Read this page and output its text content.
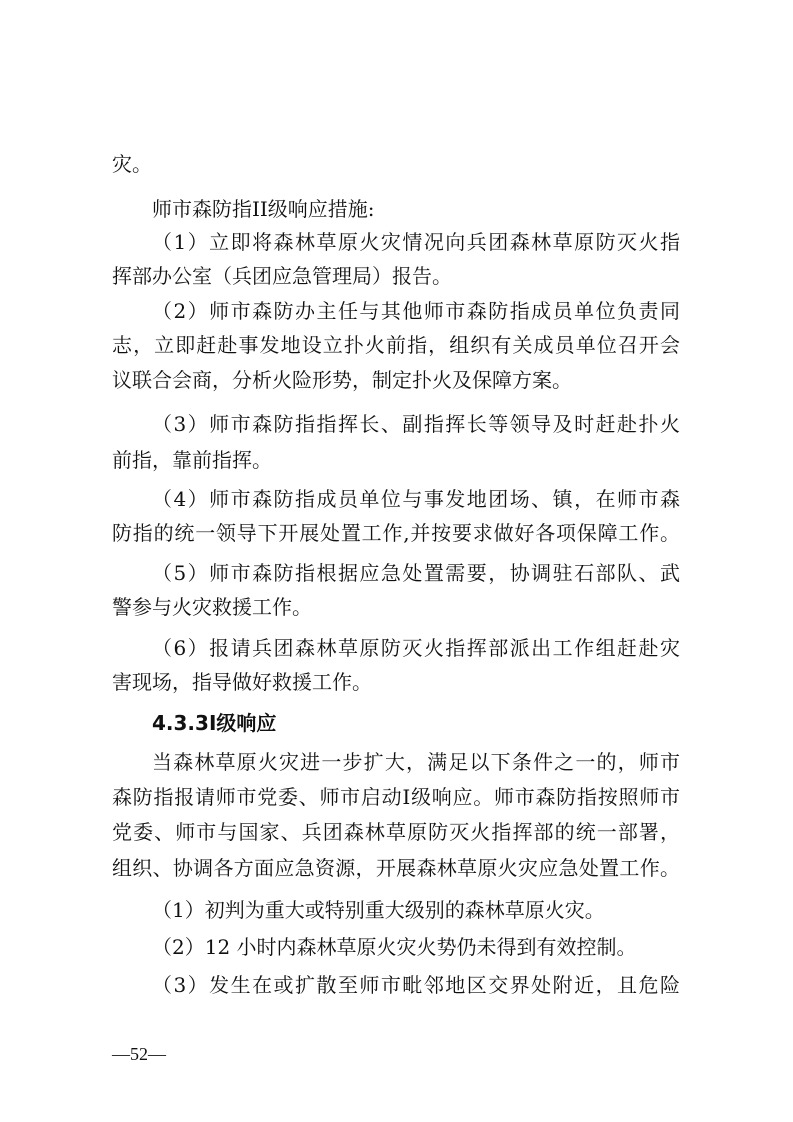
灾。
师市森防指II级响应措施:
（1）立即将森林草原火灾情况向兵团森林草原防灭火指
挥部办公室（兵团应急管理局）报告。
（2）师市森防办主任与其他师市森防指成员单位负责同
志，立即赶赴事发地设立扑火前指，组织有关成员单位召开会
议联合会商，分析火险形势，制定扑火及保障方案。
（3）师市森防指指挥长、副指挥长等领导及时赶赴扑火
前指，靠前指挥。
（4）师市森防指成员单位与事发地团场、镇，在师市森
防指的统一领导下开展处置工作,并按要求做好各项保障工作。
（5）师市森防指根据应急处置需要，协调驻石部队、武
警参与火灾救援工作。
（6）报请兵团森林草原防灭火指挥部派出工作组赶赴灾
害现场，指导做好救援工作。
4.3.3I级响应
当森林草原火灾进一步扩大，满足以下条件之一的，师市
森防指报请师市党委、师市启动I级响应。师市森防指按照师市
党委、师市与国家、兵团森林草原防灭火指挥部的统一部署，
组织、协调各方面应急资源，开展森林草原火灾应急处置工作。
（1）初判为重大或特别重大级别的森林草原火灾。
（2）12 小时内森林草原火灾火势仍未得到有效控制。
（3）发生在或扩散至师市毗邻地区交界处附近，且危险
—52—
